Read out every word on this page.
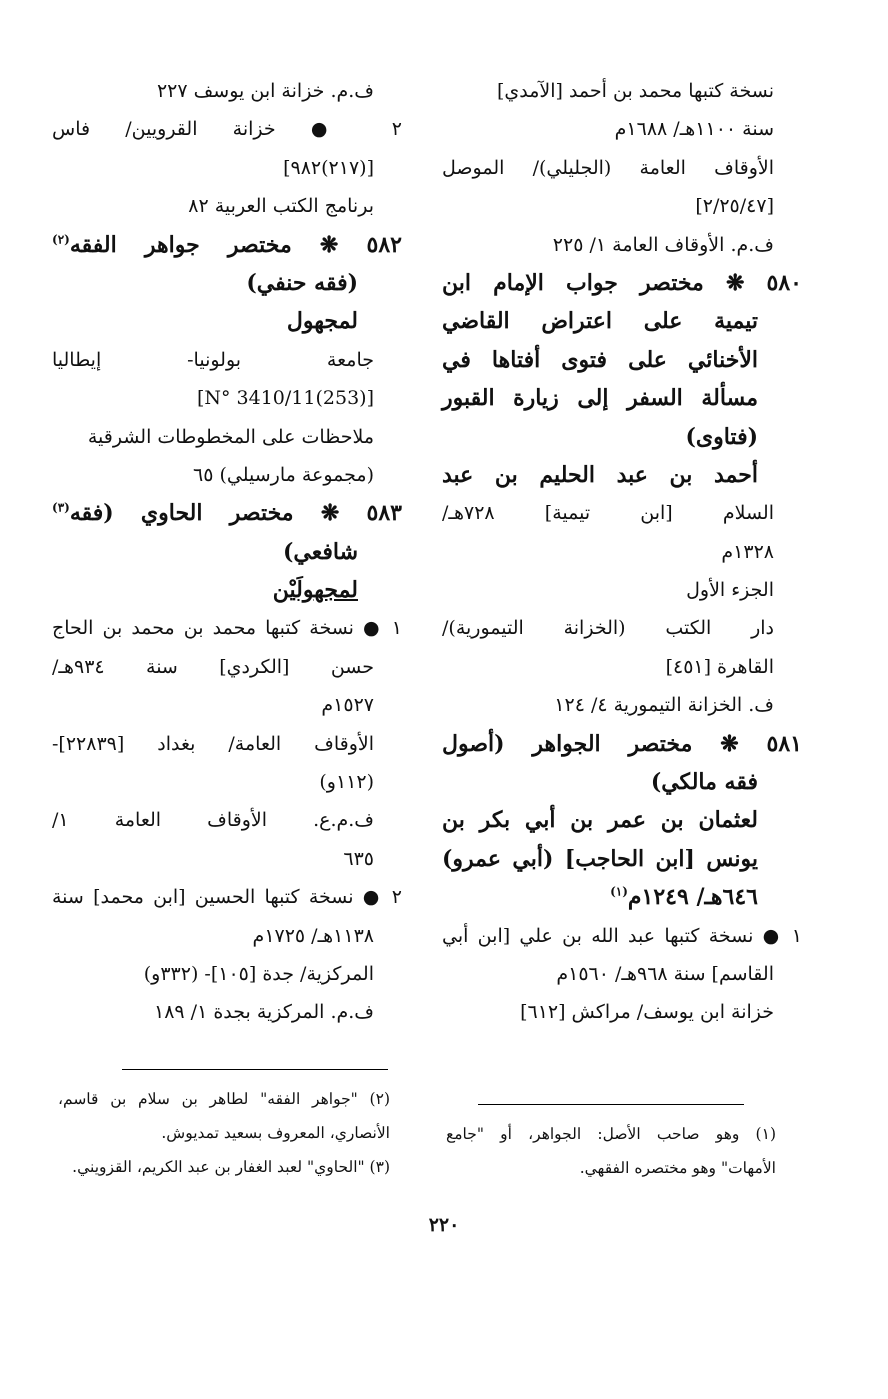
نسخة كتبها محمد بن أحمد [الآمدي]
سنة ١١٠٠هـ/ ١٦٨٨م
الأوقاف العامة (الجليلي)/ الموصل
[٢/٢٥/٤٧]
ف.م. الأوقاف العامة ١/ ٢٢٥
٥٨٠ ❋ مختصر جواب الإمام ابن
تيمية على اعتراض القاضي
الأخنائي على فتوى أفتاها في
مسألة السفر إلى زيارة القبور
(فتاوى)
أحمد بن عبد الحليم بن عبد
السلام [ابن تيمية] ٧٢٨هـ/
١٣٢٨م
الجزء الأول
دار الكتب (الخزانة التيمورية)/
القاهرة [٤٥١]
ف. الخزانة التيمورية ٤/ ١٢٤
٥٨١ ❋ مختصر الجواهر (أصول
فقه مالكي)
لعثمان بن عمر بن أبي بكر بن
يونس [ابن الحاجب] (أبي عمرو)
٦٤٦هـ/ ١٢٤٩م$^{(١)}$
١ ● نسخة كتبها عبد الله بن علي [ابن أبي
القاسم] سنة ٩٦٨هـ/ ١٥٦٠م
خزانة ابن يوسف/ مراكش [٦١٢]
ف.م. خزانة ابن يوسف ٢٢٧
٢ ● خزانة القرويين/ فاس
[(٢١٧)٩٨٢]
برنامج الكتب العربية ٨٢
٥٨٢ ❋ مختصر جواهر الفقه$^{(٢)}$
(فقه حنفي)
لمجهول
جامعة بولونيا- إيطاليا
[(253)N° 3410/11]
ملاحظات على المخطوطات الشرقية
(مجموعة مارسيلي) ٦٥
٥٨٣ ❋ مختصر الحاوي (فقه$^{(٣)}$
شافعي)
لمجهولَيْن
١ ● نسخة كتبها محمد بن محمد بن الحاج
حسن [الكردي] سنة ٩٣٤هـ/
١٥٢٧م
الأوقاف العامة/ بغداد [٢٢٨٣٩]-
(١١٢و)
ف.م.ع. الأوقاف العامة ١/
٦٣٥
٢ ● نسخة كتبها الحسين [ابن محمد] سنة
١١٣٨هـ/ ١٧٢٥م
المركزية/ جدة [١٠٥]- (٣٣٢و)
ف.م. المركزية بجدة ١/ ١٨٩
(٢) "جواهر الفقه" لطاهر بن سلام بن قاسم،
الأنصاري، المعروف بسعيد تمديوش.
(٣) "الحاوي" لعبد الغفار بن عبد الكريم، القزويني.
(١) وهو صاحب الأصل: الجواهر، أو "جامع
الأمهات" وهو مختصره الفقهي.
٢٢٠
